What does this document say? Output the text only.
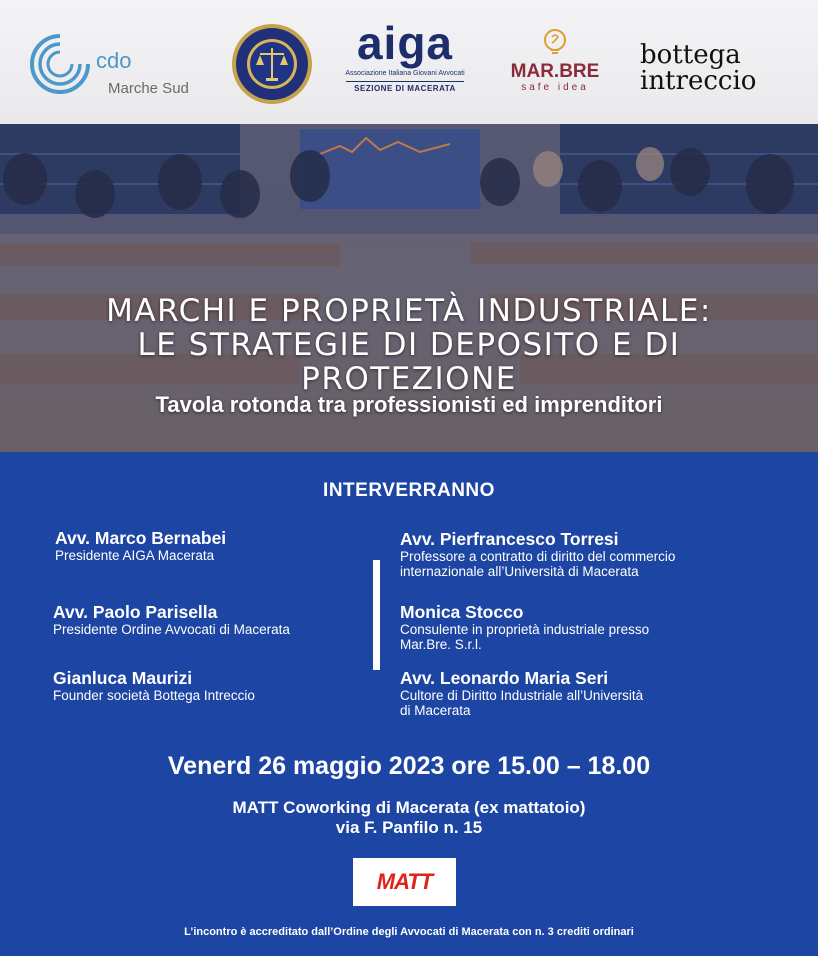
cdo
Marche Sud
aiga
Associazione Italiana Giovani Avvocati
SEZIONE DI MACERATA
MAR.BRE
safe idea
bottega
intreccio
MARCHI E PROPRIETÀ INDUSTRIALE:
LE STRATEGIE DI DEPOSITO E DI
PROTEZIONE
Tavola rotonda tra professionisti ed imprenditori
INTERVERRANNO
Avv. Marco Bernabei
Presidente AIGA Macerata
Avv. Paolo Parisella
Presidente Ordine Avvocati di Macerata
Gianluca Maurizi
Founder società Bottega Intreccio
Avv. Pierfrancesco Torresi
Professore a contratto di diritto del commercio
internazionale all’Università di Macerata
Monica Stocco
Consulente in proprietà industriale presso
Mar.Bre. S.r.l.
Avv. Leonardo Maria Seri
Cultore di Diritto Industriale all’Università
di Macerata
Venerd 26 maggio 2023 ore 15.00 – 18.00
MATT Coworking di Macerata (ex mattatoio)
via F. Panfilo n. 15
MATT
L’incontro è accreditato dall’Ordine degli Avvocati di Macerata con n. 3 crediti ordinari
